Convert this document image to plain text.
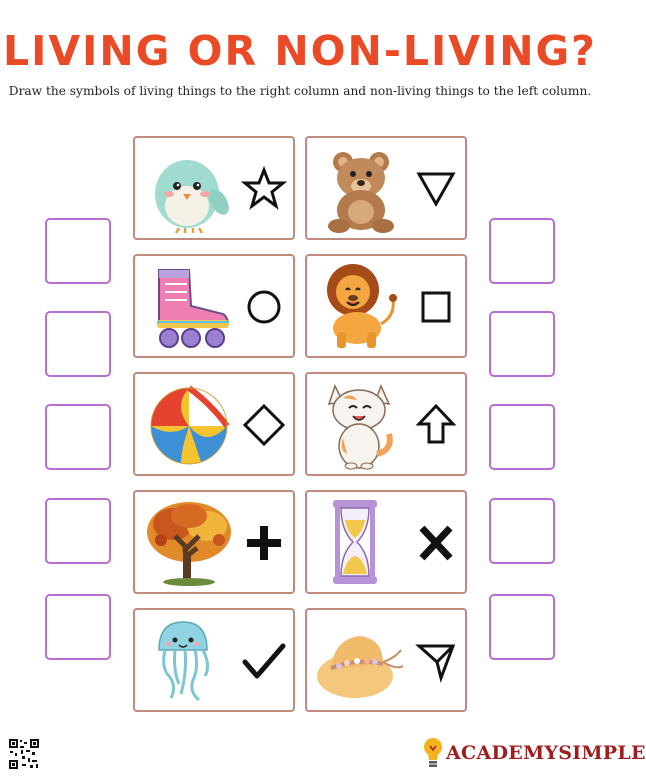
LIVING OR NON-LIVING?
Draw the symbols of living things to the right column and non-living things to the left column.
ACADEMYSIMPLE
